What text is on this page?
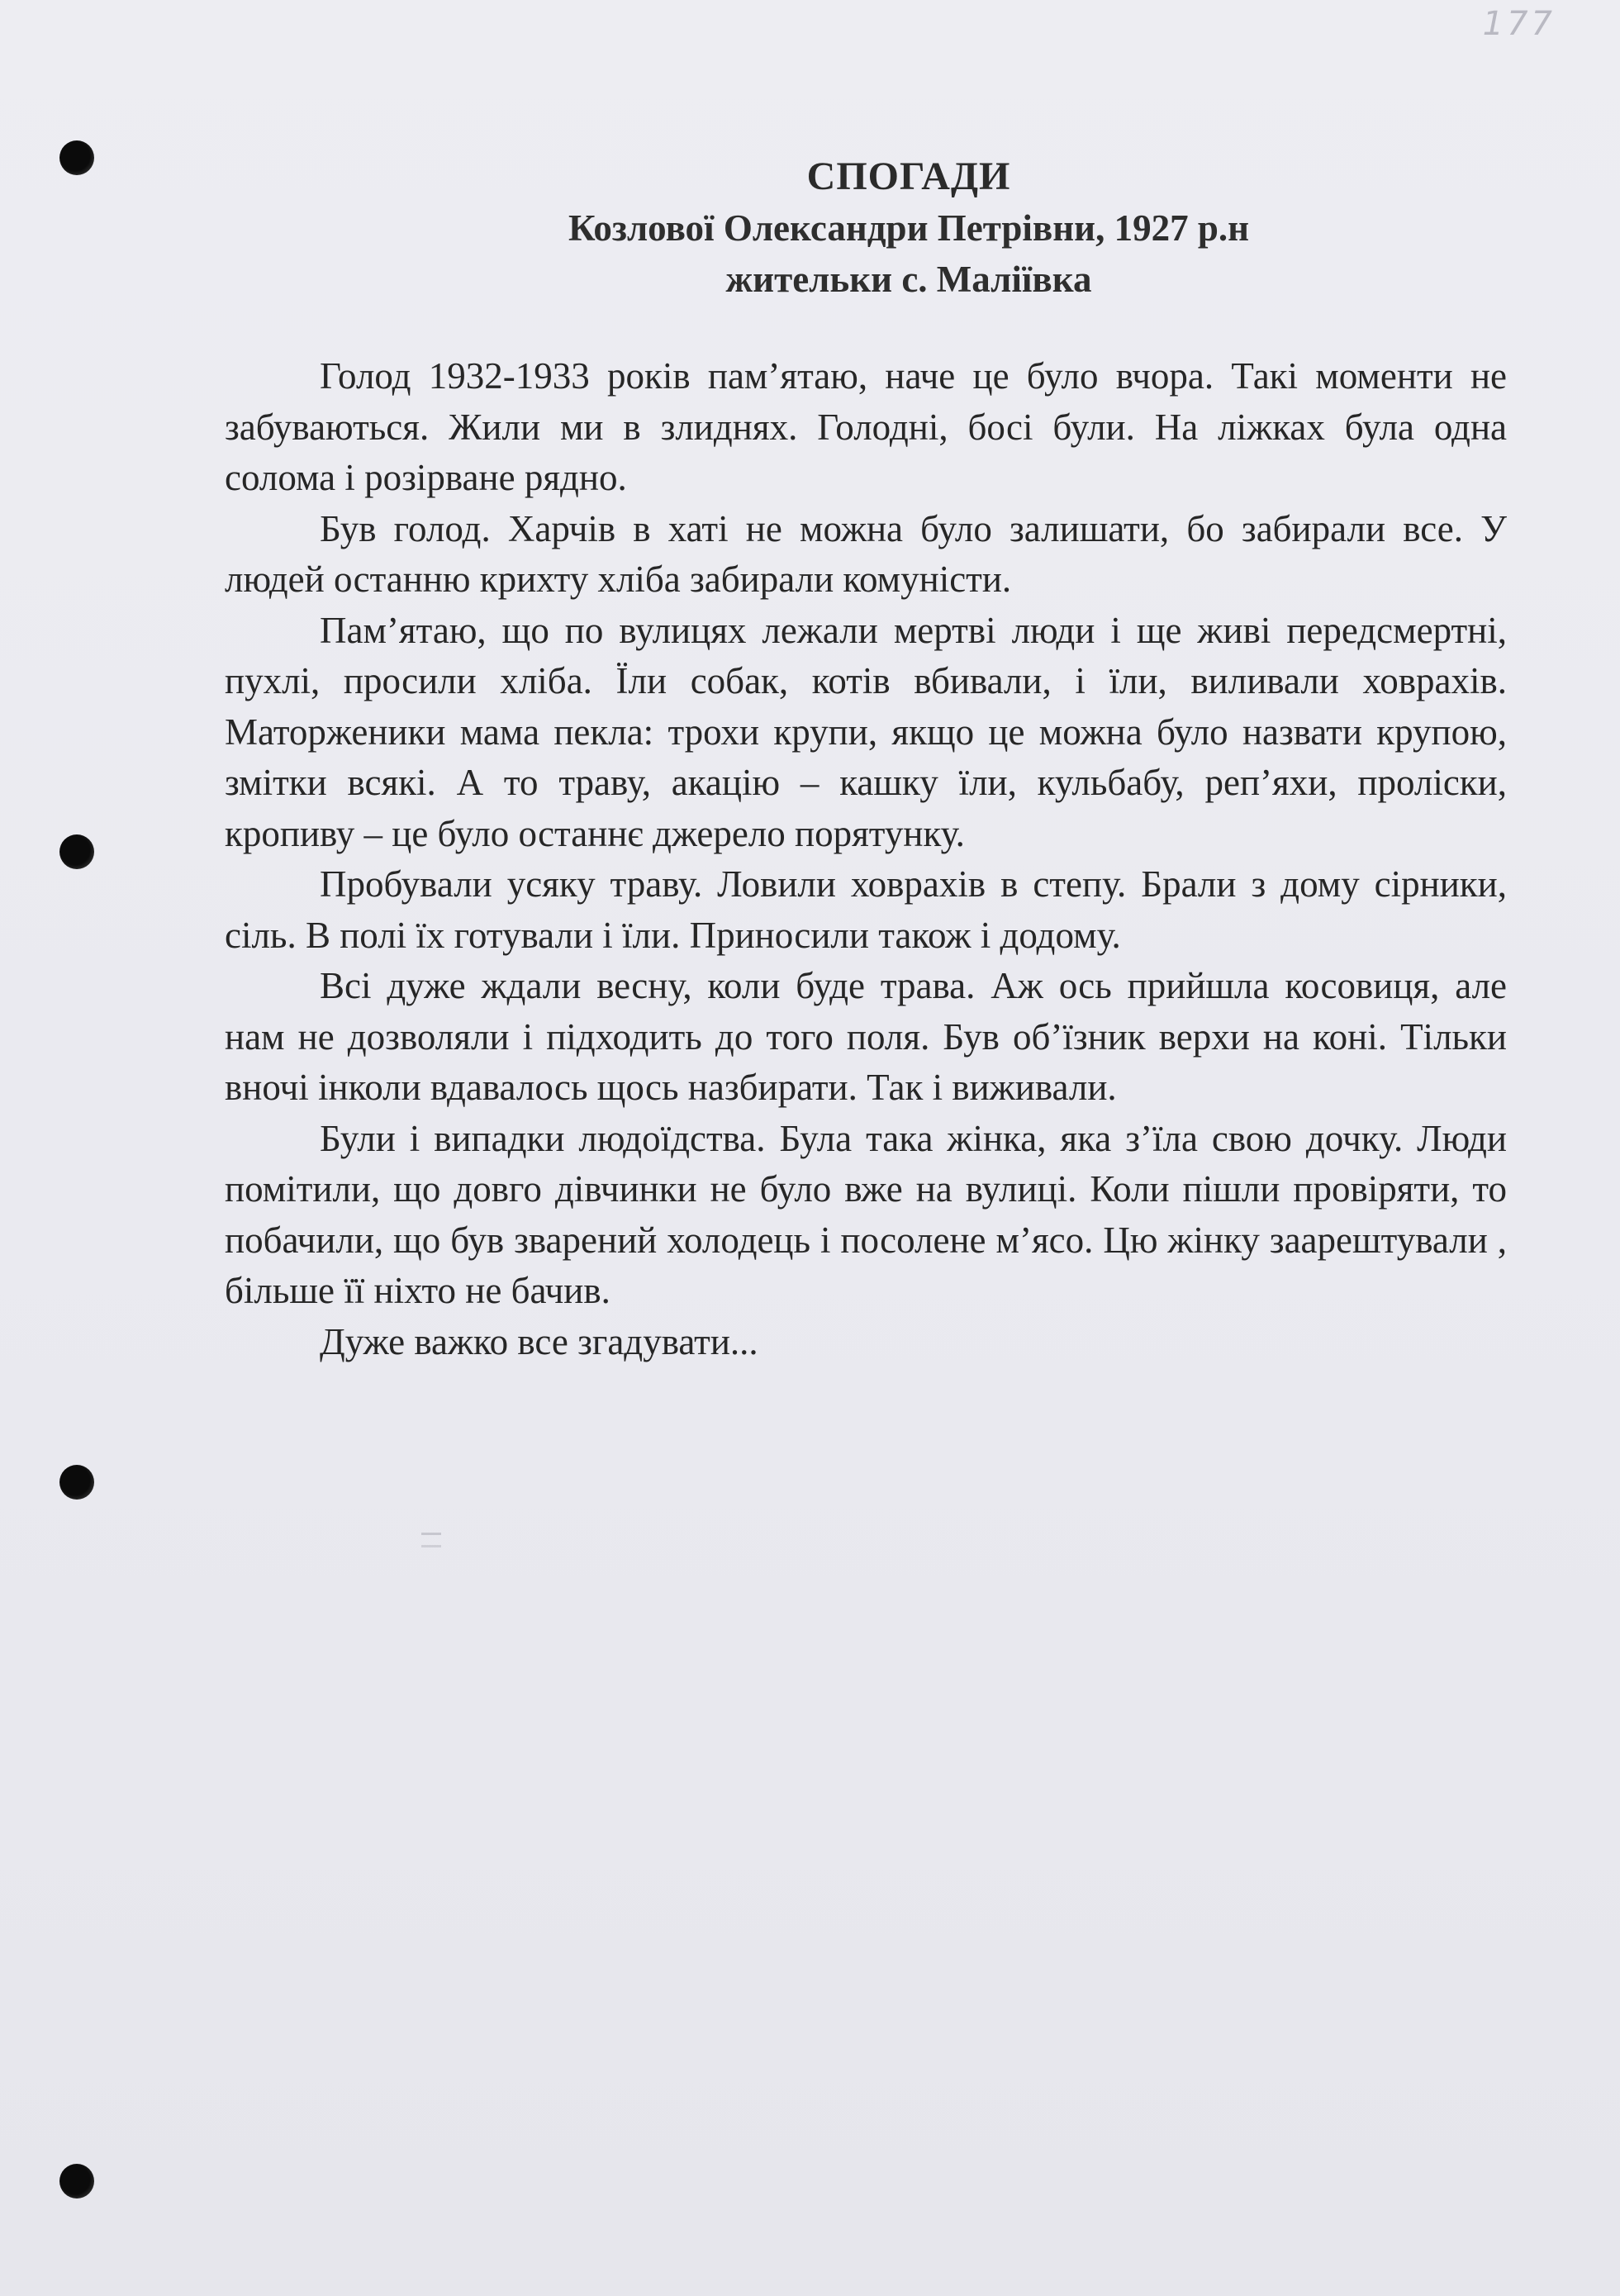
177
СПОГАДИ
Козлової Олександри Петрівни, 1927 р.н
жительки с. Маліївка

Голод 1932-1933 років пам’ятаю, наче це було вчора. Такі моменти не забуваються. Жили ми в злиднях. Голодні, босі були. На ліжках була одна солома і розірване рядно.

Був голод. Харчів в хаті не можна було залишати, бо забирали все. У людей останню крихту хліба забирали комуністи.

Пам’ятаю, що по вулицях лежали мертві люди і ще живі передсмертні, пухлі, просили хліба. Їли собак, котів вбивали, і їли, виливали ховрахів. Маторженики мама пекла: трохи крупи, якщо це можна було назвати крупою, змітки всякі. А то траву, акацію – кашку їли, кульбабу, реп’яхи, проліски, кропиву – це було останнє джерело порятунку.

Пробували усяку траву. Ловили ховрахів в степу. Брали з дому сірники, сіль. В полі їх готували і їли. Приносили також і додому.

Всі дуже ждали весну, коли буде трава. Аж ось прийшла косовиця, але нам не дозволяли і підходить до того поля. Був об’їзник верхи на коні. Тільки вночі інколи вдавалось щось назбирати. Так і виживали.

Були і випадки людоїдства. Була така жінка, яка з’їла свою дочку. Люди помітили, що довго дівчинки не було вже на вулиці. Коли пішли провіряти, то побачили, що був зварений холодець і посолене м’ясо. Цю жінку заарештували , більше її ніхто не бачив.

Дуже важко все згадувати...
